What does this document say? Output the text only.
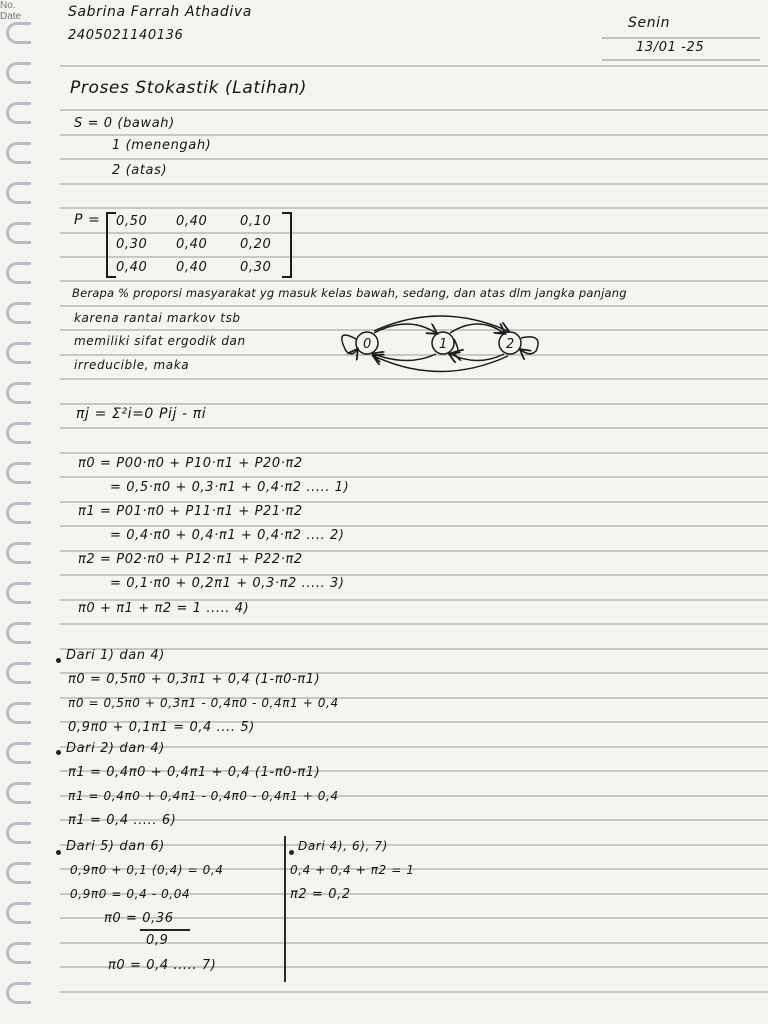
Sabrina Farrah Athadiva
2405021140136
No.
Senin
Date
13/01 -25
Proses Stokastik (Latihan)
S = 0 (bawah)
1 (menengah)
2 (atas)
P = 0,50 0,40	0,10
0,30 0,40	0,20
0,40 0,40	0,30
Berapa % proporsi masyarakat yg masuk kelas bawah, sedang, dan atas dlm jangka panjang
karena rantai markov tsb
memiliki sifat ergodik dan
irreducible, maka
0	1	2
πj = Σ²i=0 Pij - πi
π0 = P00·π0 + P10·π1 + P20·π2
= 0,5·π0 + 0,3·π1 + 0,4·π2 ..... 1)
π1 = P01·π0 + P11·π1 + P21·π2
= 0,4·π0 + 0,4·π1 + 0,4·π2 .... 2)
π2 = P02·π0 + P12·π1 + P22·π2
= 0,1·π0 + 0,2π1 + 0,3·π2 ..... 3)
π0 + π1 + π2 = 1 ..... 4)
Dari 1) dan 4)
π0 = 0,5π0 + 0,3π1 + 0,4 (1-π0-π1)
π0 = 0,5π0 + 0,3π1 - 0,4π0 - 0,4π1 + 0,4
0,9π0 + 0,1π1 = 0,4 .... 5)
Dari 2) dan 4)
π1 = 0,4π0 + 0,4π1 + 0,4 (1-π0-π1)
π1 = 0,4π0 + 0,4π1 - 0,4π0 - 0,4π1 + 0,4
π1 = 0,4 ..... 6)
Dari 5) dan 6)
0,9π0 + 0,1 (0,4) = 0,4
0,9π0 = 0,4 - 0,04
π0 = 0,36
0,9
π0 = 0,4 ..... 7)
Dari 4), 6), 7)
0,4 + 0,4 + π2 = 1
π2 = 0,2
